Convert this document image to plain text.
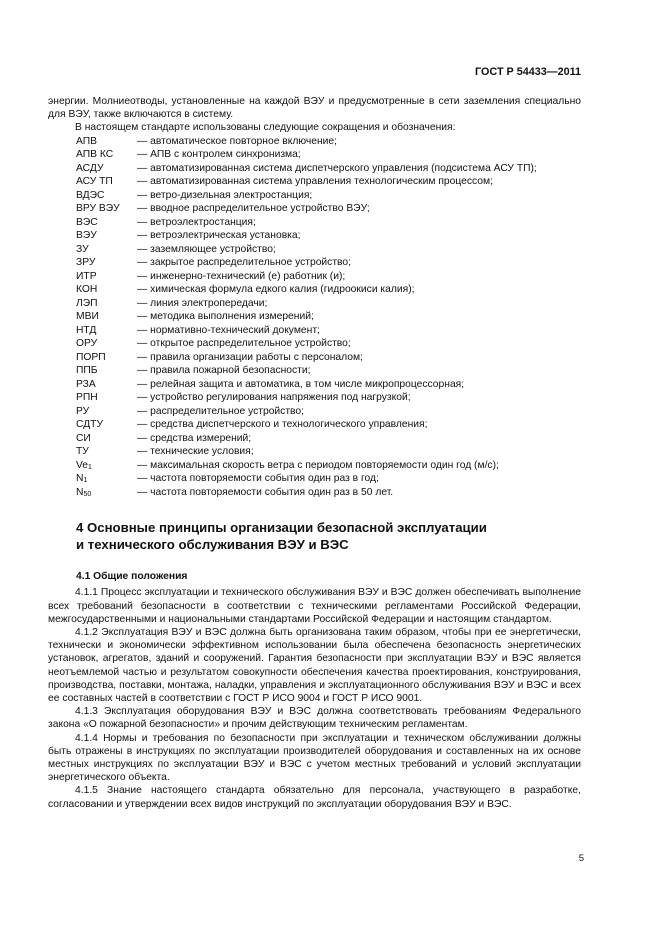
ГОСТ Р 54433—2011

энергии. Молниеотводы, установленные на каждой ВЭУ и предусмотренные в сети заземления специально для ВЭУ, также включаются в систему.

В настоящем стандарте использованы следующие сокращения и обозначения:

АПВ	— автоматическое повторное включение;
АПВ КС	— АПВ с контролем синхронизма;
АСДУ	— автоматизированная система диспетчерского управления (подсистема АСУ ТП);
АСУ ТП	— автоматизированная система управления технологическим процессом;
ВДЭС	— ветро-дизельная электростанция;
ВРУ ВЭУ	— вводное распределительное устройство ВЭУ;
ВЭС	— ветроэлектростанция;
ВЭУ	— ветроэлектрическая установка;
ЗУ	— заземляющее устройство;
ЗРУ	— закрытое распределительное устройство;
ИТР	— инженерно-технический (е) работник (и);
КОН	— химическая формула едкого калия (гидроокиси калия);
ЛЭП	— линия электропередачи;
МВИ	— методика выполнения измерений;
НТД	— нормативно-технический документ;
ОРУ	— открытое распределительное устройство;
ПОРП	— правила организации работы с персоналом;
ППБ	— правила пожарной безопасности;
РЗА	— релейная защита и автоматика, в том числе микропроцессорная;
РПН	— устройство регулирования напряжения под нагрузкой;
РУ	— распределительное устройство;
СДТУ	— средства диспетчерского и технологического управления;
СИ	— средства измерений;
ТУ	— технические условия;
$Ve_1$	— максимальная скорость ветра с периодом повторяемости один год (м/с);
$N_1$	— частота повторяемости события один раз в год;
$N_{50}$	— частота повторяемости события один раз в 50 лет.
4 Основные принципы организации безопасной эксплуатации
и технического обслуживания ВЭУ и ВЭС
4.1 Общие положения

4.1.1 Процесс эксплуатации и технического обслуживания ВЭУ и ВЭС должен обеспечивать выполнение всех требований безопасности в соответствии с техническими регламентами Российской Федерации, межгосударственными и национальными стандартами Российской Федерации и настоящим стандартом.

4.1.2 Эксплуатация ВЭУ и ВЭС должна быть организована таким образом, чтобы при ее энергетически, технически и экономически эффективном использовании была обеспечена безопасность энергетических установок, агрегатов, зданий и сооружений. Гарантия безопасности при эксплуатации ВЭУ и ВЭС является неотъемлемой частью и результатом совокупности обеспечения качества проектирования, конструирования, производства, поставки, монтажа, наладки, управления и эксплуатационного обслуживания ВЭУ и ВЭС и всех ее составных частей в соответствии с ГОСТ Р ИСО 9004 и ГОСТ Р ИСО 9001.

4.1.3 Эксплуатация оборудования ВЭУ и ВЭС должна соответствовать требованиям Федерального закона «О пожарной безопасности» и прочим действующим техническим регламентам.

4.1.4 Нормы и требования по безопасности при эксплуатации и техническом обслуживании должны быть отражены в инструкциях по эксплуатации производителей оборудования и составленных на их основе местных инструкциях по эксплуатации ВЭУ и ВЭС с учетом местных требований и условий эксплуатации энергетического объекта.

4.1.5 Знание настоящего стандарта обязательно для персонала, участвующего в разработке, согласовании и утверждении всех видов инструкций по эксплуатации оборудования ВЭУ и ВЭС.

5
